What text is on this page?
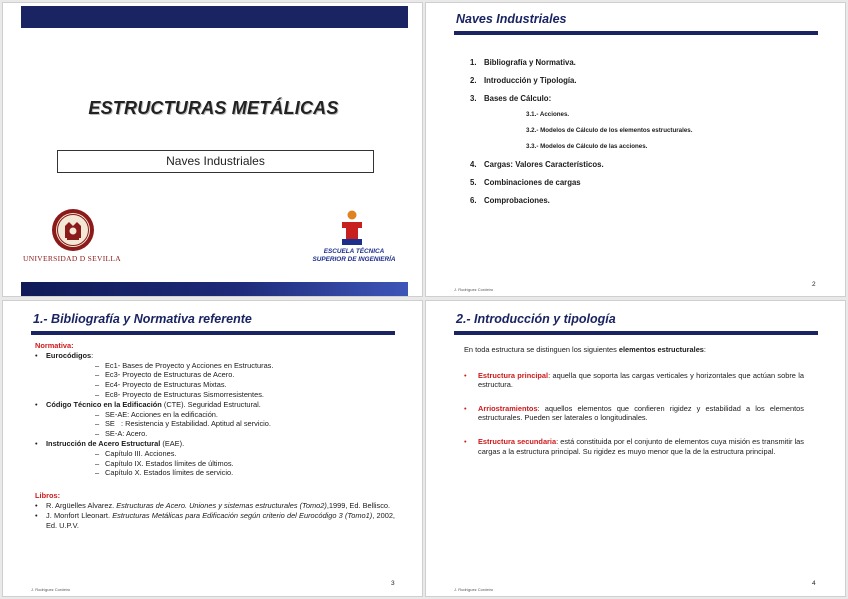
ESTRUCTURAS METÁLICAS
Naves Industriales
UNIVERSIDAD D SEVILLA
ESCUELA TÉCNICA
SUPERIOR DE INGENIERÍA
Naves Industriales
1. Bibliografía y Normativa.
2. Introducción y Tipología.
3. Bases de Cálculo:
3.1.- Acciones.
3.2.- Modelos de Cálculo de los elementos estructurales.
3.3.- Modelos de Cálculo de las acciones.
4. Cargas: Valores Característicos.
5. Combinaciones de cargas
6. Comprobaciones.
J. Rodríguez Cordeiro
2
1.- Bibliografía y Normativa referente
Normativa:
• Eurocódigos:
– Ec1- Bases de Proyecto y Acciones en Estructuras.
– Ec3- Proyecto de Estructuras de Acero.
– Ec4- Proyecto de Estructuras Mixtas.
– Ec8- Proyecto de Estructuras Sismorresistentes.
• Código Técnico en la Edificación (CTE). Seguridad Estructural.
– SE-AE: Acciones en la edificación.
– SE   : Resistencia y Estabilidad. Aptitud al servicio.
– SE-A: Acero.
• Instrucción de Acero Estructural (EAE).
– Capítulo III. Acciones.
– Capítulo IX. Estados límites de últimos.
– Capítulo X. Estados límites de servicio.
Libros:
• R. Argüelles Alvarez. Estructuras de Acero. Uniones y sistemas estructurales (Tomo2),1999, Ed. Bellisco.
• J. Monfort Lleonart. Estructuras Metálicas para Edificación según criterio del Eurocódigo 3 (Tomo1), 2002, Ed. U.P.V.
J. Rodríguez Cordeiro
3
2.- Introducción y tipología
En toda estructura se distinguen los siguientes elementos estructurales:
• Estructura principal: aquella que soporta las cargas verticales y horizontales que actúan sobre la estructura.
• Arriostramientos: aquellos elementos que confieren rigidez y estabilidad a los elementos estructurales. Pueden ser laterales o longitudinales.
• Estructura secundaria: está constituida por el conjunto de elementos cuya misión es transmitir las cargas a la estructura principal. Su rigidez es muyo menor que la de la estructura principal.
J. Rodríguez Cordeiro
4
